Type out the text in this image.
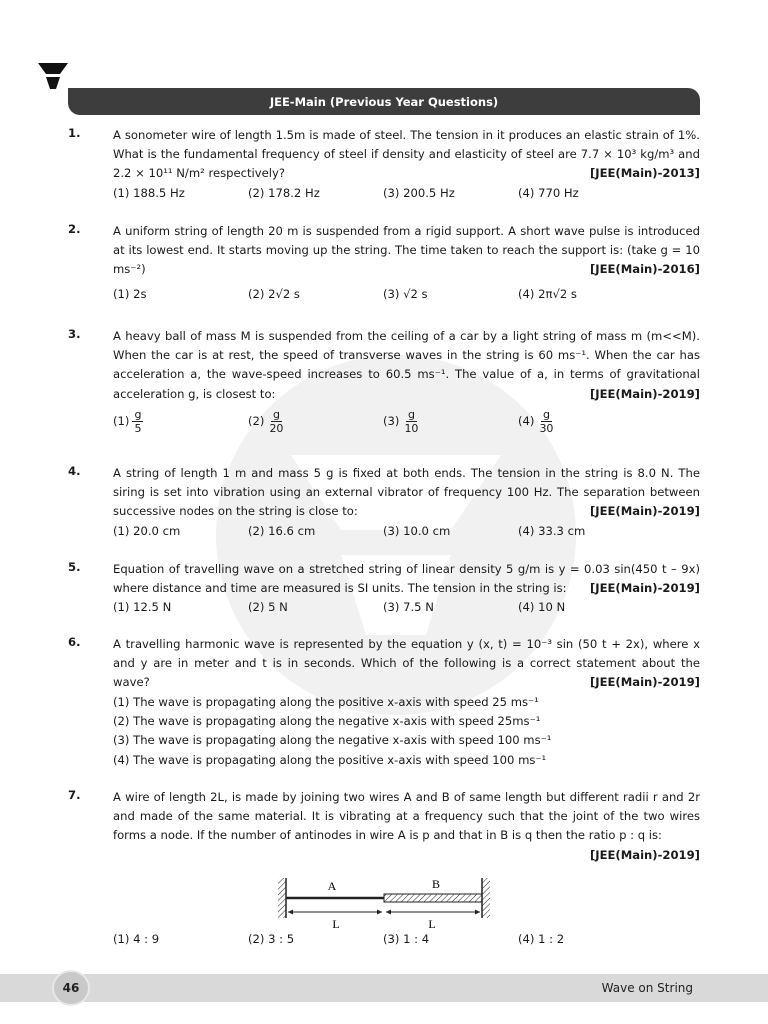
JEE-Main (Previous Year Questions)
1.	A sonometer wire of length 1.5m is made of steel. The tension in it produces an elastic strain of 1%. What is the fundamental frequency of steel if density and elasticity of steel are 7.7 × 10³ kg/m³ and 2.2 × 10¹¹ N/m² respectively?	[JEE(Main)-2013]
(1) 188.5 Hz	(2) 178.2 Hz	(3) 200.5 Hz	(4) 770 Hz
2.	A uniform string of length 20 m is suspended from a rigid support. A short wave pulse is introduced at its lowest end. It starts moving up the string. The time taken to reach the support is: (take g = 10 ms⁻²)	[JEE(Main)-2016]
(1) 2s	(2) 2√2 s	(3) √2 s	(4) 2π√2 s
3.	A heavy ball of mass M is suspended from the ceiling of a car by a light string of mass m (m<<M). When the car is at rest, the speed of transverse waves in the string is 60 ms⁻¹. When the car has acceleration a, the wave-speed increases to 60.5 ms⁻¹. The value of a, in terms of gravitational acceleration g, is closest to:	[JEE(Main)-2019]
$(1) \frac{g}{5}$	$(2) \frac{g}{20}$	$(3) \frac{g}{10}$	$(4) \frac{g}{30}$
4.	A string of length 1 m and mass 5 g is fixed at both ends. The tension in the string is 8.0 N. The siring is set into vibration using an external vibrator of frequency 100 Hz. The separation between successive nodes on the string is close to:	[JEE(Main)-2019]
(1) 20.0 cm	(2) 16.6 cm	(3) 10.0 cm	(4) 33.3 cm
5.	Equation of travelling wave on a stretched string of linear density 5 g/m is y = 0.03 sin(450 t – 9x) where distance and time are measured is SI units. The tension in the string is: [JEE(Main)-2019]
(1) 12.5 N	(2) 5 N	(3) 7.5 N	(4) 10 N
6.	A travelling harmonic wave is represented by the equation y (x, t) = 10⁻³ sin (50 t + 2x), where x and y are in meter and t is in seconds. Which of the following is a correct statement about the wave?	[JEE(Main)-2019]
(1) The wave is propagating along the positive x-axis with speed 25 ms⁻¹
(2) The wave is propagating along the negative x-axis with speed 25ms⁻¹
(3) The wave is propagating along the negative x-axis with speed 100 ms⁻¹
(4) The wave is propagating along the positive x-axis with speed 100 ms⁻¹
7.	A wire of length 2L, is made by joining two wires A and B of same length but different radii r and 2r and made of the same material. It is vibrating at a frequency such that the joint of the two wires forms a node. If the number of antinodes in wire A is p and that in B is q then the ratio p : q is:
[JEE(Main)-2019]
A	B
L	L
(1) 4 : 9	(2) 3 : 5	(3) 1 : 4	(4) 1 : 2
46	Wave on String
